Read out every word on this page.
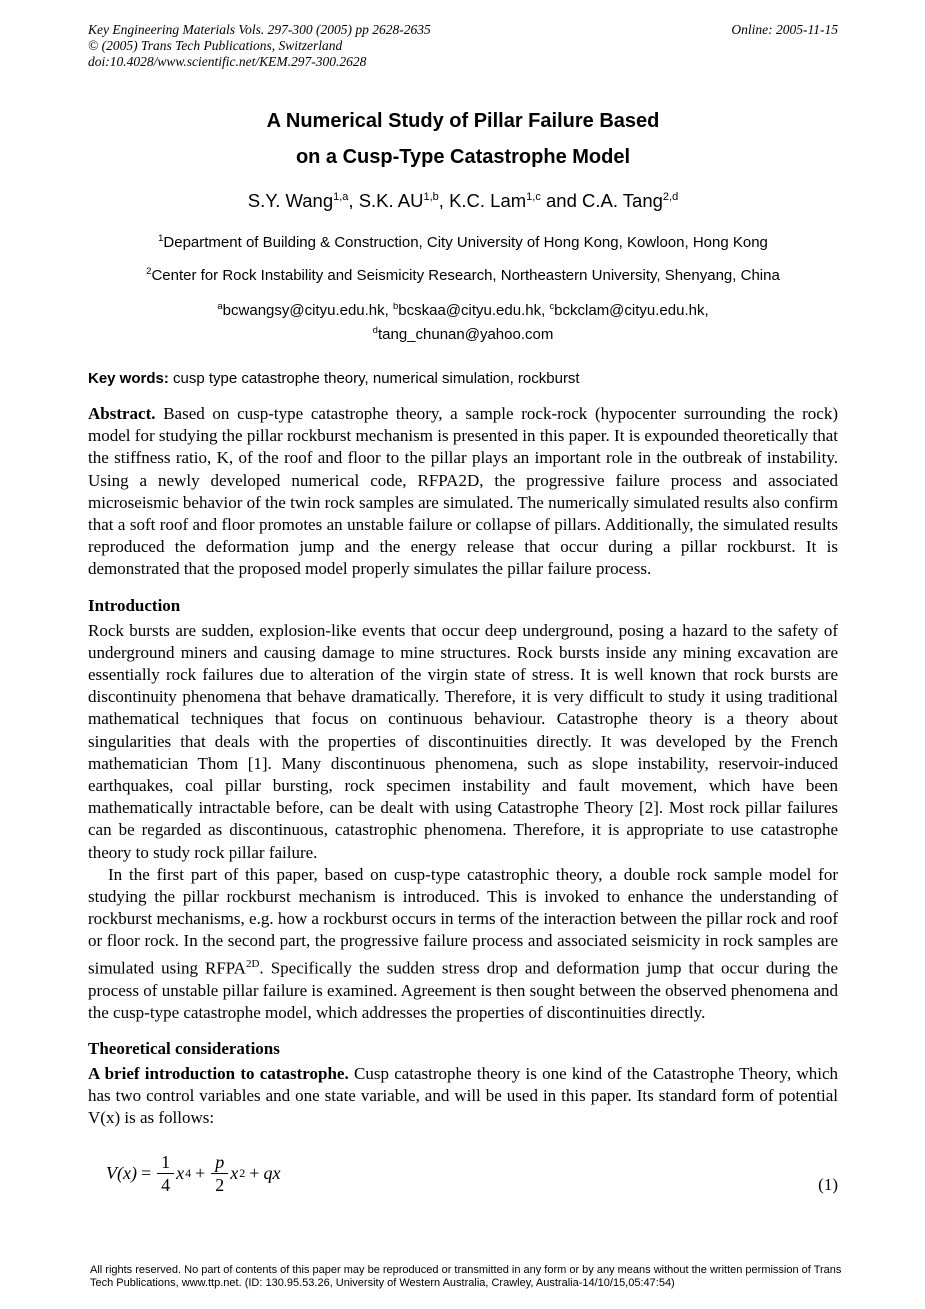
Key Engineering Materials Vols. 297-300 (2005) pp 2628-2635
© (2005) Trans Tech Publications, Switzerland
doi:10.4028/www.scientific.net/KEM.297-300.2628
Online: 2005-11-15
A Numerical Study of Pillar Failure Based
on a Cusp-Type Catastrophe Model
S.Y. Wang$^{1,a}$, S.K. AU$^{1,b}$, K.C. Lam$^{1,c}$ and C.A. Tang$^{2,d}$
$^1$Department of Building & Construction, City University of Hong Kong, Kowloon, Hong Kong
$^2$Center for Rock Instability and Seismicity Research, Northeastern University, Shenyang, China
$^a$bcwangsy@cityu.edu.hk, $^b$bcskaa@cityu.edu.hk, $^c$bckclam@cityu.edu.hk,
$^d$tang_chunan@yahoo.com
Key words: cusp type catastrophe theory, numerical simulation, rockburst
Abstract. Based on cusp-type catastrophe theory, a sample rock-rock (hypocenter surrounding the rock) model for studying the pillar rockburst mechanism is presented in this paper. It is expounded theoretically that the stiffness ratio, K, of the roof and floor to the pillar plays an important role in the outbreak of instability. Using a newly developed numerical code, RFPA2D, the progressive failure process and associated microseismic behavior of the twin rock samples are simulated. The numerically simulated results also confirm that a soft roof and floor promotes an unstable failure or collapse of pillars. Additionally, the simulated results reproduced the deformation jump and the energy release that occur during a pillar rockburst. It is demonstrated that the proposed model properly simulates the pillar failure process.
Introduction
Rock bursts are sudden, explosion-like events that occur deep underground, posing a hazard to the safety of underground miners and causing damage to mine structures. Rock bursts inside any mining excavation are essentially rock failures due to alteration of the virgin state of stress. It is well known that rock bursts are discontinuity phenomena that behave dramatically. Therefore, it is very difficult to study it using traditional mathematical techniques that focus on continuous behaviour. Catastrophe theory is a theory about singularities that deals with the properties of discontinuities directly. It was developed by the French mathematician Thom [1]. Many discontinuous phenomena, such as slope instability, reservoir-induced earthquakes, coal pillar bursting, rock specimen instability and fault movement, which have been mathematically intractable before, can be dealt with using Catastrophe Theory [2]. Most rock pillar failures can be regarded as discontinuous, catastrophic phenomena. Therefore, it is appropriate to use catastrophe theory to study rock pillar failure.
In the first part of this paper, based on cusp-type catastrophic theory, a double rock sample model for studying the pillar rockburst mechanism is introduced. This is invoked to enhance the understanding of rockburst mechanisms, e.g. how a rockburst occurs in terms of the interaction between the pillar rock and roof or floor rock. In the second part, the progressive failure process and associated seismicity in rock samples are simulated using $RFPA^{2D}$. Specifically the sudden stress drop and deformation jump that occur during the process of unstable pillar failure is examined. Agreement is then sought between the observed phenomena and the cusp-type catastrophe model, which addresses the properties of discontinuities directly.
Theoretical considerations
A brief introduction to catastrophe. Cusp catastrophe theory is one kind of the Catastrophe Theory, which has two control variables and one state variable, and will be used in this paper. Its standard form of potential V(x) is as follows:
V $(x) = \frac{1}{4}$ x $4 + \frac{p}{2}$ x 2 + qx
(1)
All rights reserved. No part of contents of this paper may be reproduced or transmitted in any form or by any means without the written permission of Trans
Tech Publications, www.ttp.net. (ID: 130.95.53.26, University of Western Australia, Crawley, Australia-14/10/15,05:47:54)
